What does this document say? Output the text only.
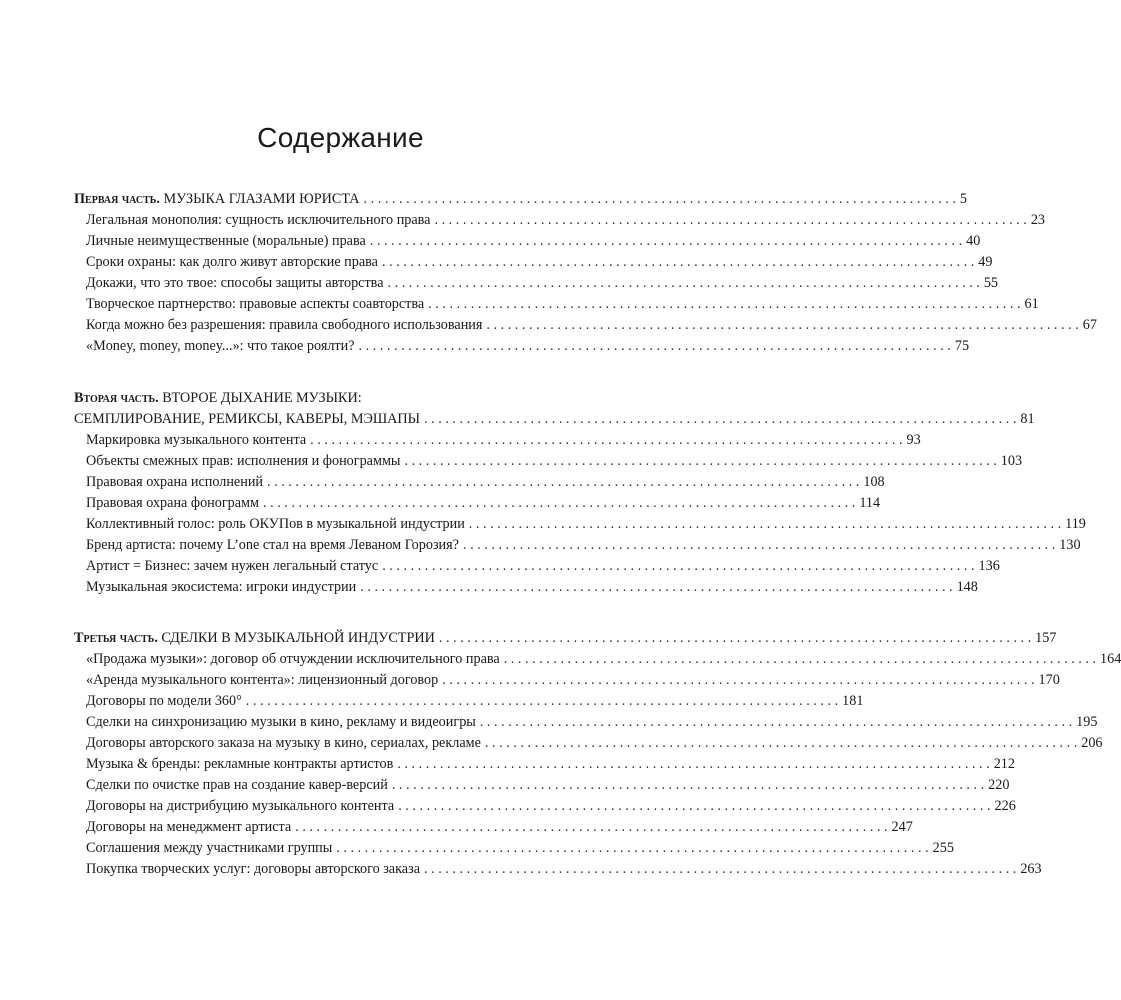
Содержание
Первая часть. МУЗЫКА ГЛАЗАМИ ЮРИСТА . . .	5
Легальная монополия: сущность исключительного права . . .	23
Личные неимущественные (моральные) права . . .	40
Сроки охраны: как долго живут авторские права . . .	49
Докажи, что это твое: способы защиты авторства . . .	55
Творческое партнерство: правовые аспекты соавторства . . .	61
Когда можно без разрешения: правила свободного использования . . .	67
«Money, money, money...»: что такое роялти? . . .	75
Вторая часть. ВТОРОЕ ДЫХАНИЕ МУЗЫКИ:
СЕМПЛИРОВАНИЕ, РЕМИКСЫ, КАВЕРЫ, МЭШАПЫ . . .	81
Маркировка музыкального контента . . .	93
Объекты смежных прав: исполнения и фонограммы . . .	103
Правовая охрана исполнений . . .	108
Правовая охрана фонограмм . . .	114
Коллективный голос: роль ОКУПов в музыкальной индустрии . . .	119
Бренд артиста: почему L’one стал на время Леваном Горозия? . . .	130
Артист = Бизнес: зачем нужен легальный статус . . .	136
Музыкальная экосистема: игроки индустрии . . .	148
Третья часть. СДЕЛКИ В МУЗЫКАЛЬНОЙ ИНДУСТРИИ . . .	157
«Продажа музыки»: договор об отчуждении исключительного права . . .	164
«Аренда музыкального контента»: лицензионный договор . . .	170
Договоры по модели 360° . . .	181
Сделки на синхронизацию музыки в кино, рекламу и видеоигры . . .	195
Договоры авторского заказа на музыку в кино, сериалах, рекламе . . .	206
Музыка & бренды: рекламные контракты артистов . . .	212
Сделки по очистке прав на создание кавер-версий . . .	220
Договоры на дистрибуцию музыкального контента . . .	226
Договоры на менеджмент артиста . . .	247
Соглашения между участниками группы . . .	255
Покупка творческих услуг: договоры авторского заказа . . .	263
